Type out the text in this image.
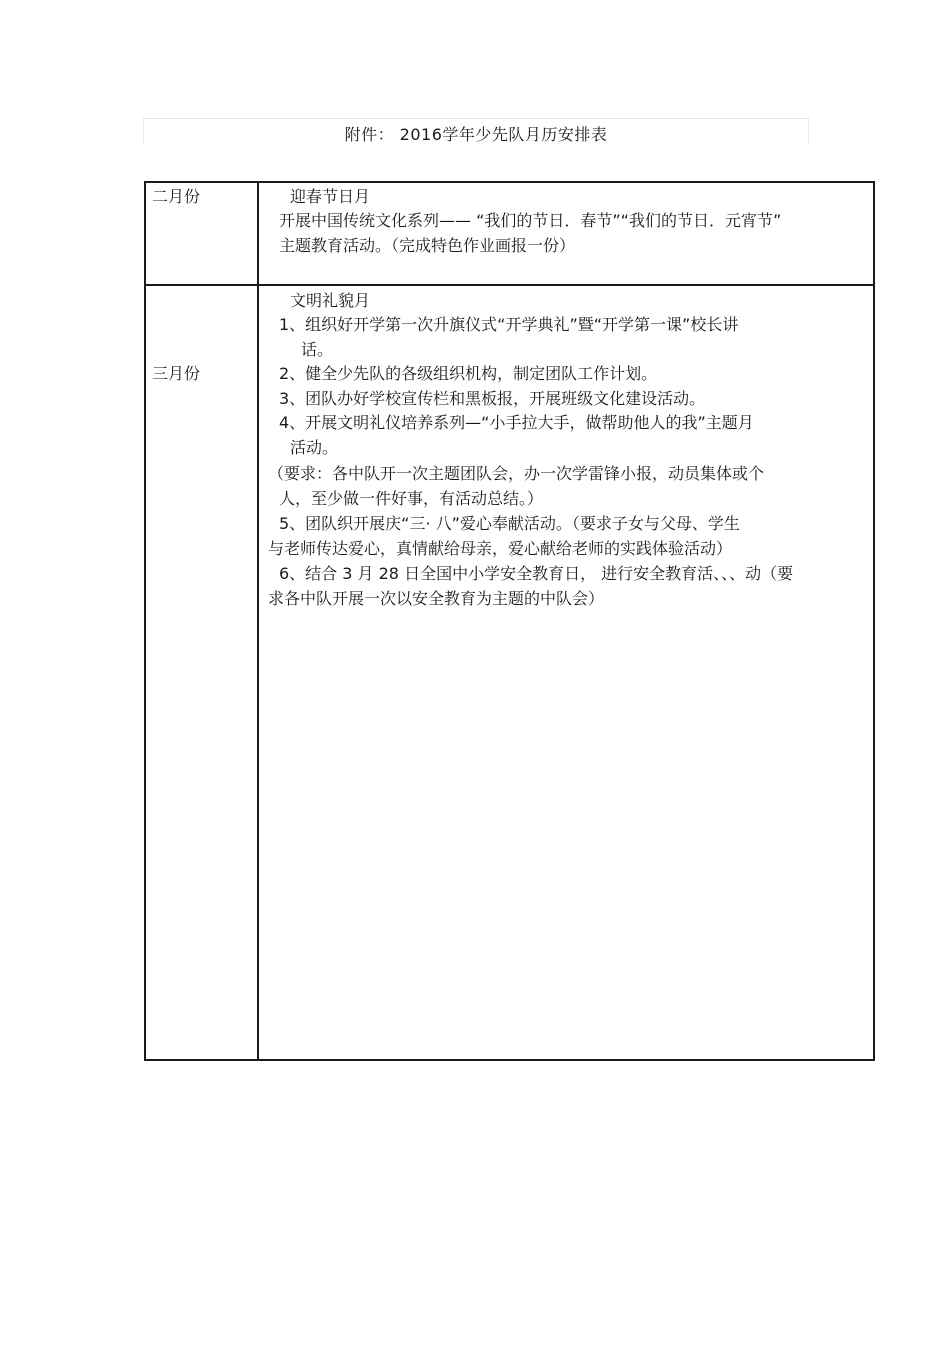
附件： 2016学年少先队月历安排表
二月份	迎春节日月
开展中国传统文化系列—— “我们的节日．春节”“我们的节日．元宵节”
主题教育活动。（完成特色作业画报一份）
三月份
文明礼貌月
1、组织好开学第一次升旗仪式“开学典礼”暨“开学第一课”校长讲
话。
2、健全少先队的各级组织机构，制定团队工作计划。
3、团队办好学校宣传栏和黑板报，开展班级文化建设活动。
4、开展文明礼仪培养系列—“小手拉大手，做帮助他人的我”主题月
活动。
（要求：各中队开一次主题团队会，办一次学雷锋小报，动员集体或个
人，至少做一件好事，有活动总结。）
5、团队织开展庆“三· 八”爱心奉献活动。（要求子女与父母、学生
与老师传达爱心，真情献给母亲，爱心献给老师的实践体验活动）
6、结合 3 月 28 日全国中小学安全教育日， 进行安全教育活、、、动（要
求各中队开展一次以安全教育为主题的中队会）
